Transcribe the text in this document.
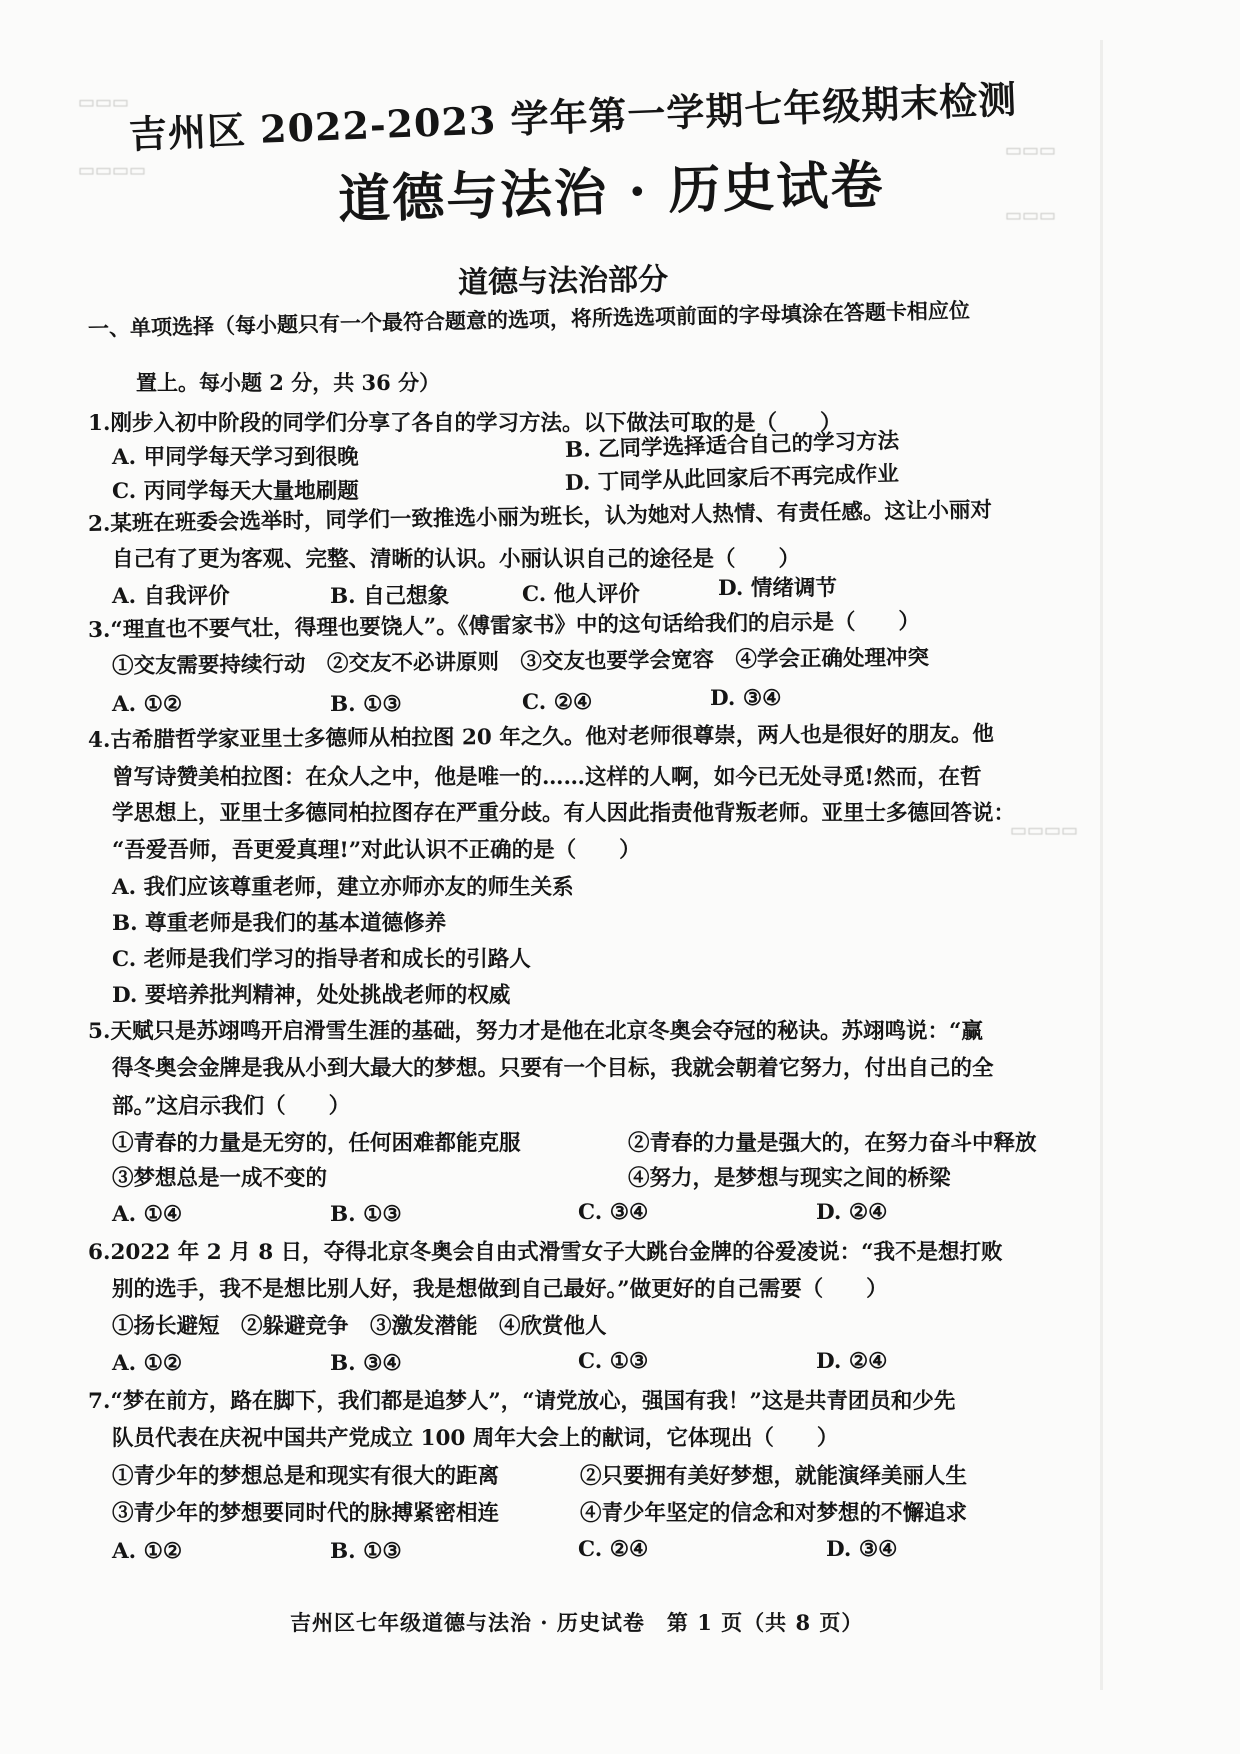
▭▭▭
▭▭▭▭
▭▭▭
▭▭▭
▭▭▭▭
吉州区 2022-2023 学年第一学期七年级期末检测
道德与法治 · 历史试卷
道德与法治部分
一、单项选择（每小题只有一个最符合题意的选项，将所选选项前面的字母填涂在答题卡相应位
置上。每小题 2 分，共 36 分）
1.刚步入初中阶段的同学们分享了各自的学习方法。以下做法可取的是（　　）
A. 甲同学每天学习到很晚	B. 乙同学选择适合自己的学习方法
C. 丙同学每天大量地刷题	D. 丁同学从此回家后不再完成作业
2.某班在班委会选举时，同学们一致推选小丽为班长，认为她对人热情、有责任感。这让小丽对
自己有了更为客观、完整、清晰的认识。小丽认识自己的途径是（　　）
A. 自我评价	B. 自己想象	C. 他人评价	D. 情绪调节
3.“理直也不要气壮，得理也要饶人”。《傅雷家书》中的这句话给我们的启示是（　　）
①交友需要持续行动　②交友不必讲原则　③交友也要学会宽容　④学会正确处理冲突
A. ①②	B. ①③	C. ②④	D. ③④
4.古希腊哲学家亚里士多德师从柏拉图 20 年之久。他对老师很尊崇，两人也是很好的朋友。他
曾写诗赞美柏拉图：在众人之中，他是唯一的……这样的人啊，如今已无处寻觅!然而，在哲
学思想上，亚里士多德同柏拉图存在严重分歧。有人因此指责他背叛老师。亚里士多德回答说：
“吾爱吾师，吾更爱真理!”对此认识不正确的是（　　）
A. 我们应该尊重老师，建立亦师亦友的师生关系
B. 尊重老师是我们的基本道德修养
C. 老师是我们学习的指导者和成长的引路人
D. 要培养批判精神，处处挑战老师的权威
5.天赋只是苏翊鸣开启滑雪生涯的基础，努力才是他在北京冬奥会夺冠的秘诀。苏翊鸣说：“赢
得冬奥会金牌是我从小到大最大的梦想。只要有一个目标，我就会朝着它努力，付出自己的全
部。”这启示我们（　　）
①青春的力量是无穷的，任何困难都能克服	②青春的力量是强大的，在努力奋斗中释放
③梦想总是一成不变的	④努力，是梦想与现实之间的桥梁
A. ①④	B. ①③	C. ③④	D. ②④
6.2022 年 2 月 8 日，夺得北京冬奥会自由式滑雪女子大跳台金牌的谷爱凌说：“我不是想打败
别的选手，我不是想比别人好，我是想做到自己最好。”做更好的自己需要（　　）
①扬长避短　②躲避竞争　③激发潜能　④欣赏他人
A. ①②	B. ③④	C. ①③	D. ②④
7.“梦在前方，路在脚下，我们都是追梦人”，“请党放心，强国有我！”这是共青团员和少先
队员代表在庆祝中国共产党成立 100 周年大会上的献词，它体现出（　　）
①青少年的梦想总是和现实有很大的距离	②只要拥有美好梦想，就能演绎美丽人生
③青少年的梦想要同时代的脉搏紧密相连	④青少年坚定的信念和对梦想的不懈追求
A. ①②	B. ①③	C. ②④	D. ③④
吉州区七年级道德与法治 · 历史试卷　第 1 页（共 8 页）
